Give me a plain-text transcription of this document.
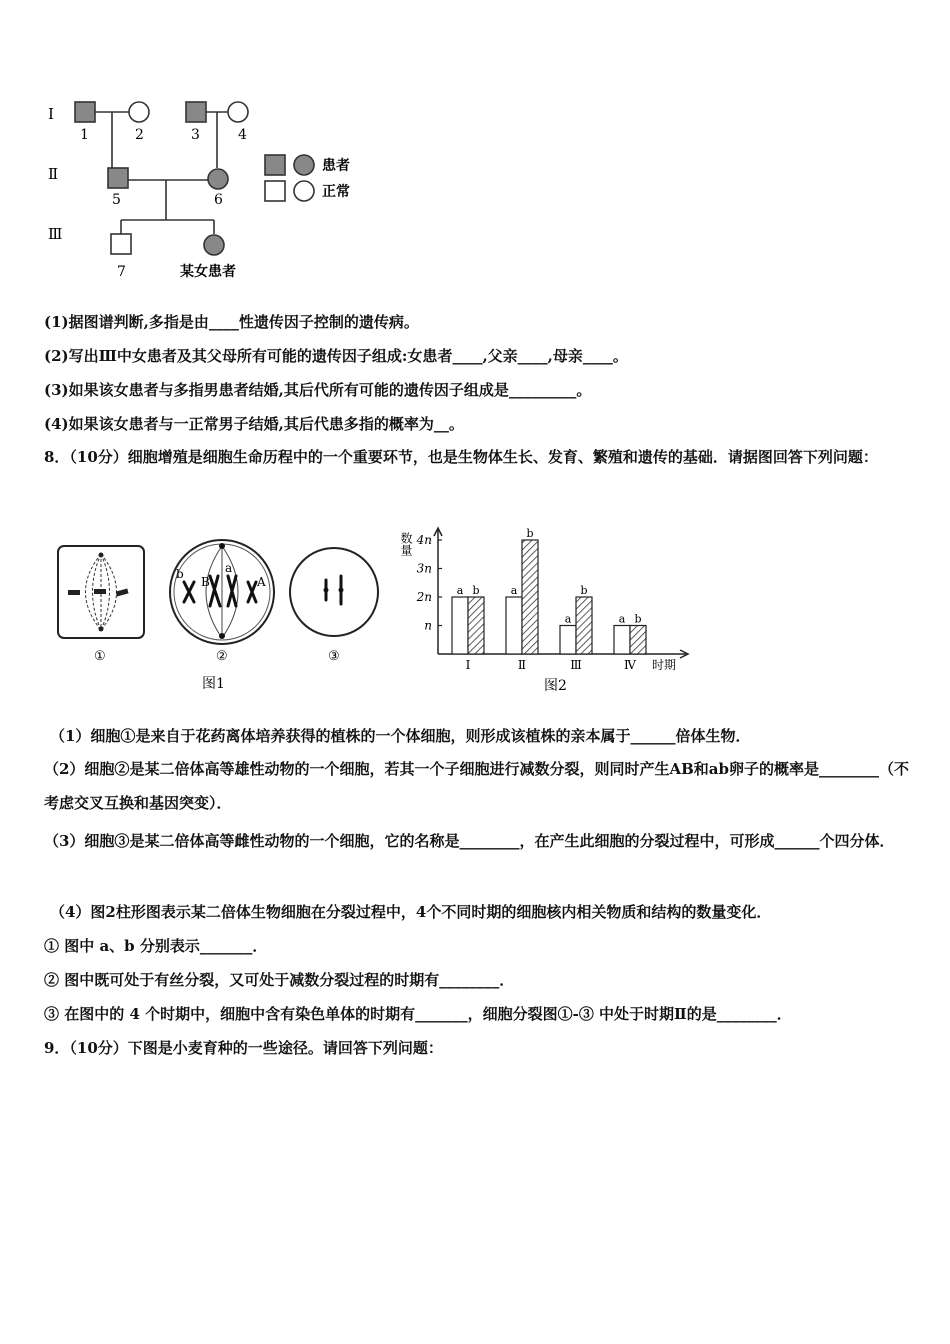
Ⅰ
Ⅱ
Ⅲ
1	2	3	4
5	6
7	某女患者
患者
正常
(1)据图谱判断,多指是由____性遗传因子控制的遗传病。
(2)写出Ⅲ中女患者及其父母所有可能的遗传因子组成:女患者____,父亲____,母亲____。
(3)如果该女患者与多指男患者结婚,其后代所有可能的遗传因子组成是_________。
(4)如果该女患者与一正常男子结婚,其后代患多指的概率为__。
8．（10分）细胞增殖是细胞生命历程中的一个重要环节，也是生物体生长、发育、繁殖和遗传的基础．请据图回答下列问题：
①
b
B
a
A
②	③
图1
数量
时期
n
2n
3n
4n
a b
Ⅰ
a
b
Ⅱ
a
b
Ⅲ
a b
Ⅳ
图2
（1）细胞①是来自于花药离体培养获得的植株的一个体细胞，则形成该植株的亲本属于______倍体生物．
（2）细胞②是某二倍体高等雄性动物的一个细胞，若其一个子细胞进行减数分裂，则同时产生AB和ab卵子的概率是________（不考虑交叉互换和基因突变）．
（3）细胞③是某二倍体高等雌性动物的一个细胞，它的名称是________，在产生此细胞的分裂过程中，可形成______个四分体．
（4）图2柱形图表示某二倍体生物细胞在分裂过程中，4个不同时期的细胞核内相关物质和结构的数量变化．
① 图中 a、b 分别表示_______．
② 图中既可处于有丝分裂，又可处于减数分裂过程的时期有________．
③ 在图中的 4 个时期中，细胞中含有染色单体的时期有_______，细胞分裂图①-③ 中处于时期Ⅱ的是________．
9．（10分）下图是小麦育种的一些途径。请回答下列问题：
